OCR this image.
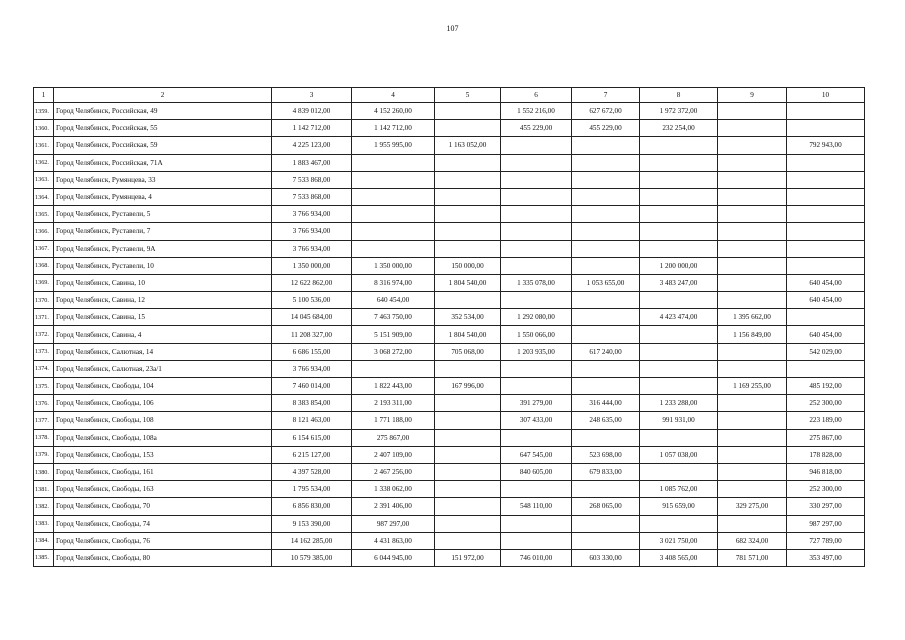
107
1	2	3	4	5	6	7	8	9	10
1359.	Город Челябинск, Российская, 49	4 839 012,00	4 152 260,00		1 552 216,00	627 672,00	1 972 372,00		
1360.	Город Челябинск, Российская, 55	1 142 712,00	1 142 712,00		455 229,00	455 229,00	232 254,00		
1361.	Город Челябинск, Российская, 59	4 225 123,00	1 955 995,00	1 163 052,00					792 943,00
1362.	Город Челябинск, Российская, 71А	1 883 467,00							
1363.	Город Челябинск, Румянцева, 33	7 533 868,00							
1364.	Город Челябинск, Румянцева, 4	7 533 868,00							
1365.	Город Челябинск, Руставели, 5	3 766 934,00							
1366.	Город Челябинск, Руставели, 7	3 766 934,00							
1367.	Город Челябинск, Руставели, 9А	3 766 934,00							
1368.	Город Челябинск, Руставели, 10	1 350 000,00	1 350 000,00	150 000,00			1 200 000,00		
1369.	Город Челябинск, Савина, 10	12 622 862,00	8 316 974,00	1 804 540,00	1 335 078,00	1 053 655,00	3 483 247,00		640 454,00
1370.	Город Челябинск, Савина, 12	5 100 536,00	640 454,00						640 454,00
1371.	Город Челябинск, Савина, 15	14 045 684,00	7 463 750,00	352 534,00	1 292 080,00		4 423 474,00	1 395 662,00	
1372.	Город Челябинск, Савина, 4	11 208 327,00	5 151 909,00	1 804 540,00	1 550 066,00			1 156 849,00	640 454,00
1373.	Город Челябинск, Салютная, 14	6 686 155,00	3 068 272,00	705 068,00	1 203 935,00	617 240,00			542 029,00
1374.	Город Челябинск, Салютная, 23а/1	3 766 934,00							
1375.	Город Челябинск, Свободы, 104	7 460 014,00	1 822 443,00	167 996,00				1 169 255,00	485 192,00
1376.	Город Челябинск, Свободы, 106	8 383 854,00	2 193 311,00		391 279,00	316 444,00	1 233 288,00		252 300,00
1377.	Город Челябинск, Свободы, 108	8 121 463,00	1 771 188,00		307 433,00	248 635,00	991 931,00		223 189,00
1378.	Город Челябинск, Свободы, 108а	6 154 615,00	275 867,00						275 867,00
1379.	Город Челябинск, Свободы, 153	6 215 127,00	2 407 109,00		647 545,00	523 698,00	1 057 038,00		178 828,00
1380.	Город Челябинск, Свободы, 161	4 397 528,00	2 467 256,00		840 605,00	679 833,00			946 818,00
1381.	Город Челябинск, Свободы, 163	1 795 534,00	1 338 062,00				1 085 762,00		252 300,00
1382.	Город Челябинск, Свободы, 70	6 856 830,00	2 391 406,00		548 110,00	268 065,00	915 659,00	329 275,00	330 297,00
1383.	Город Челябинск, Свободы, 74	9 153 390,00	987 297,00						987 297,00
1384.	Город Челябинск, Свободы, 76	14 162 285,00	4 431 863,00				3 021 750,00	682 324,00	727 789,00
1385.	Город Челябинск, Свободы, 80	10 579 385,00	6 044 945,00	151 972,00	746 010,00	603 330,00	3 408 565,00	781 571,00	353 497,00
